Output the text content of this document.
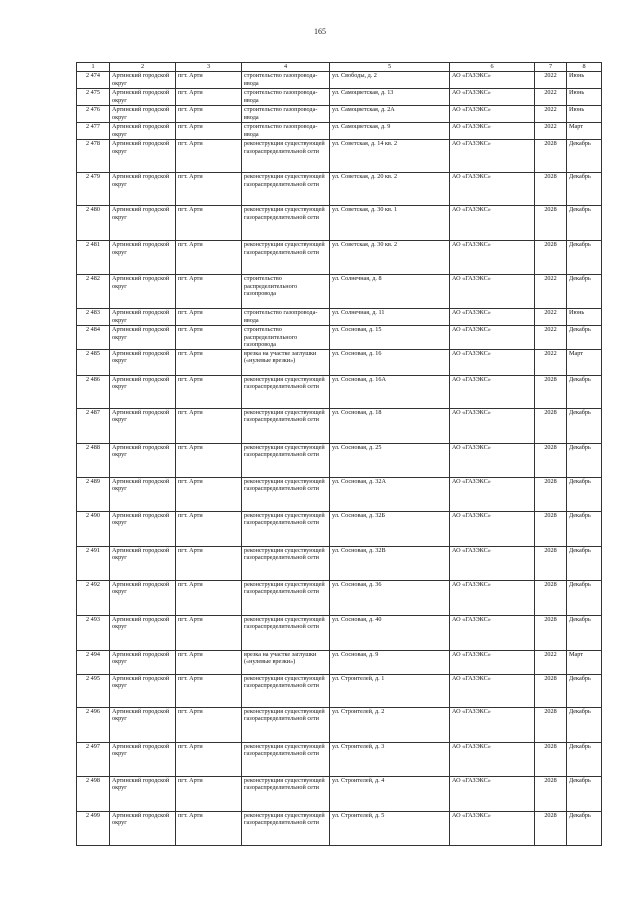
165
1	2	3	4	5	6	7	8
2 474	Артинский городской округ	пгт. Арти	строительство газопровода-ввода	ул. Свободы, д. 2	АО «ГАЗЭКС»	2022	Июнь
2 475	Артинский городской округ	пгт. Арти	строительство газопровода-ввода	ул. Самоцветская, д. 13	АО «ГАЗЭКС»	2022	Июнь
2 476	Артинский городской округ	пгт. Арти	строительство газопровода-ввода	ул. Самоцветская, д. 2А	АО «ГАЗЭКС»	2022	Июнь
2 477	Артинский городской округ	пгт. Арти	строительство газопровода-ввода	ул. Самоцветская, д. 9	АО «ГАЗЭКС»	2022	Март
2 478	Артинский городской округ	пгт. Арти	реконструкция существующей газораспределительной сети	ул. Советская, д. 14 кв. 2	АО «ГАЗЭКС»	2028	Декабрь
2 479	Артинский городской округ	пгт. Арти	реконструкция существующей газораспределительной сети	ул. Советская, д. 20 кв. 2	АО «ГАЗЭКС»	2028	Декабрь
2 480	Артинский городской округ	пгт. Арти	реконструкция существующей газораспределительной сети	ул. Советская, д. 30 кв. 1	АО «ГАЗЭКС»	2028	Декабрь
2 481	Артинский городской округ	пгт. Арти	реконструкция существующей газораспределительной сети	ул. Советская, д. 30 кв. 2	АО «ГАЗЭКС»	2028	Декабрь
2 482	Артинский городской округ	пгт. Арти	строительство распределительного газопровода	ул. Солнечная, д. 8	АО «ГАЗЭКС»	2022	Декабрь
2 483	Артинский городской округ	пгт. Арти	строительство газопровода-ввода	ул. Солнечная, д. 11	АО «ГАЗЭКС»	2022	Июнь
2 484	Артинский городской округ	пгт. Арти	строительство распределительного газопровода	ул. Сосновая, д. 15	АО «ГАЗЭКС»	2022	Декабрь
2 485	Артинский городской округ	пгт. Арти	врезка на участке заглушки («нулевые врезки»)	ул. Сосновая, д. 16	АО «ГАЗЭКС»	2022	Март
2 486	Артинский городской округ	пгт. Арти	реконструкция существующей газораспределительной сети	ул. Сосновая, д. 16А	АО «ГАЗЭКС»	2028	Декабрь
2 487	Артинский городской округ	пгт. Арти	реконструкция существующей газораспределительной сети	ул. Сосновая, д. 18	АО «ГАЗЭКС»	2028	Декабрь
2 488	Артинский городской округ	пгт. Арти	реконструкция существующей газораспределительной сети	ул. Сосновая, д. 25	АО «ГАЗЭКС»	2028	Декабрь
2 489	Артинский городской округ	пгт. Арти	реконструкция существующей газораспределительной сети	ул. Сосновая, д. 32А	АО «ГАЗЭКС»	2028	Декабрь
2 490	Артинский городской округ	пгт. Арти	реконструкция существующей газораспределительной сети	ул. Сосновая, д. 32Б	АО «ГАЗЭКС»	2028	Декабрь
2 491	Артинский городской округ	пгт. Арти	реконструкция существующей газораспределительной сети	ул. Сосновая, д. 32В	АО «ГАЗЭКС»	2028	Декабрь
2 492	Артинский городской округ	пгт. Арти	реконструкция существующей газораспределительной сети	ул. Сосновая, д. 36	АО «ГАЗЭКС»	2028	Декабрь
2 493	Артинский городской округ	пгт. Арти	реконструкция существующей газораспределительной сети	ул. Сосновая, д. 40	АО «ГАЗЭКС»	2028	Декабрь
2 494	Артинский городской округ	пгт. Арти	врезка на участке заглушки («нулевые врезки»)	ул. Сосновая, д. 9	АО «ГАЗЭКС»	2022	Март
2 495	Артинский городской округ	пгт. Арти	реконструкция существующей газораспределительной сети	ул. Строителей, д. 1	АО «ГАЗЭКС»	2028	Декабрь
2 496	Артинский городской округ	пгт. Арти	реконструкция существующей газораспределительной сети	ул. Строителей, д. 2	АО «ГАЗЭКС»	2028	Декабрь
2 497	Артинский городской округ	пгт. Арти	реконструкция существующей газораспределительной сети	ул. Строителей, д. 3	АО «ГАЗЭКС»	2028	Декабрь
2 498	Артинский городской округ	пгт. Арти	реконструкция существующей газораспределительной сети	ул. Строителей, д. 4	АО «ГАЗЭКС»	2028	Декабрь
2 499	Артинский городской округ	пгт. Арти	реконструкция существующей газораспределительной сети	ул. Строителей, д. 5	АО «ГАЗЭКС»	2028	Декабрь
